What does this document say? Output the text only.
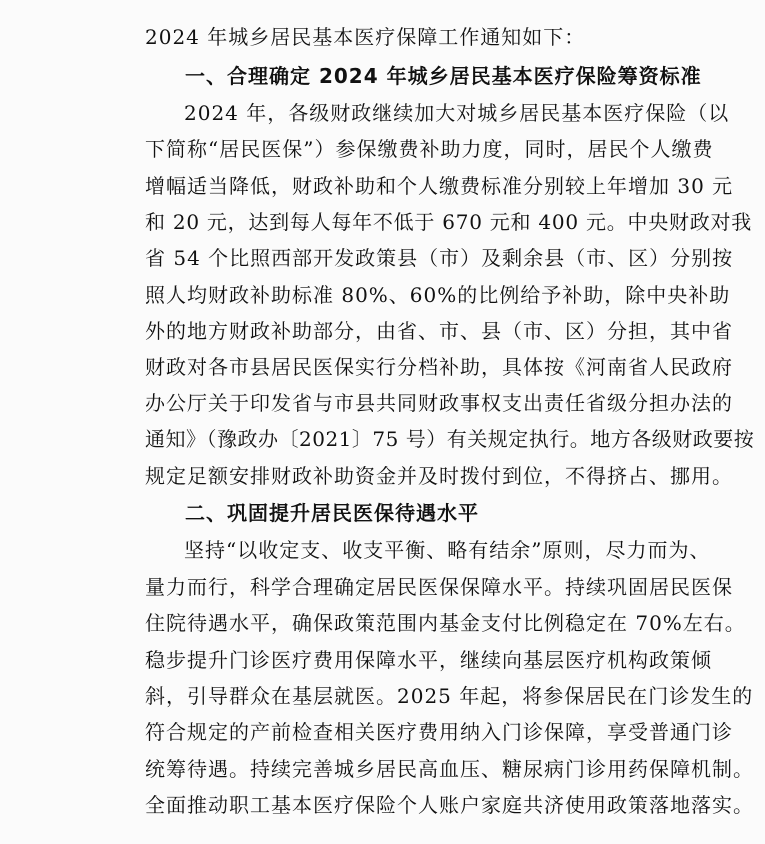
2024 年城乡居民基本医疗保障工作通知如下：
一、合理确定 2024 年城乡居民基本医疗保险筹资标准
2024 年，各级财政继续加大对城乡居民基本医疗保险（以
下简称“居民医保”）参保缴费补助力度，同时，居民个人缴费
增幅适当降低，财政补助和个人缴费标准分别较上年增加 30 元
和 20 元，达到每人每年不低于 670 元和 400 元。中央财政对我
省 54 个比照西部开发政策县（市）及剩余县（市、区）分别按
照人均财政补助标准 80%、60%的比例给予补助，除中央补助
外的地方财政补助部分，由省、市、县（市、区）分担，其中省
财政对各市县居民医保实行分档补助，具体按《河南省人民政府
办公厅关于印发省与市县共同财政事权支出责任省级分担办法的
通知》（豫政办〔2021〕75 号）有关规定执行。地方各级财政要按
规定足额安排财政补助资金并及时拨付到位，不得挤占、挪用。
二、巩固提升居民医保待遇水平
坚持“以收定支、收支平衡、略有结余”原则，尽力而为、
量力而行，科学合理确定居民医保保障水平。持续巩固居民医保
住院待遇水平，确保政策范围内基金支付比例稳定在 70%左右。
稳步提升门诊医疗费用保障水平，继续向基层医疗机构政策倾
斜，引导群众在基层就医。2025 年起，将参保居民在门诊发生的
符合规定的产前检查相关医疗费用纳入门诊保障，享受普通门诊
统筹待遇。持续完善城乡居民高血压、糖尿病门诊用药保障机制。
全面推动职工基本医疗保险个人账户家庭共济使用政策落地落实。
